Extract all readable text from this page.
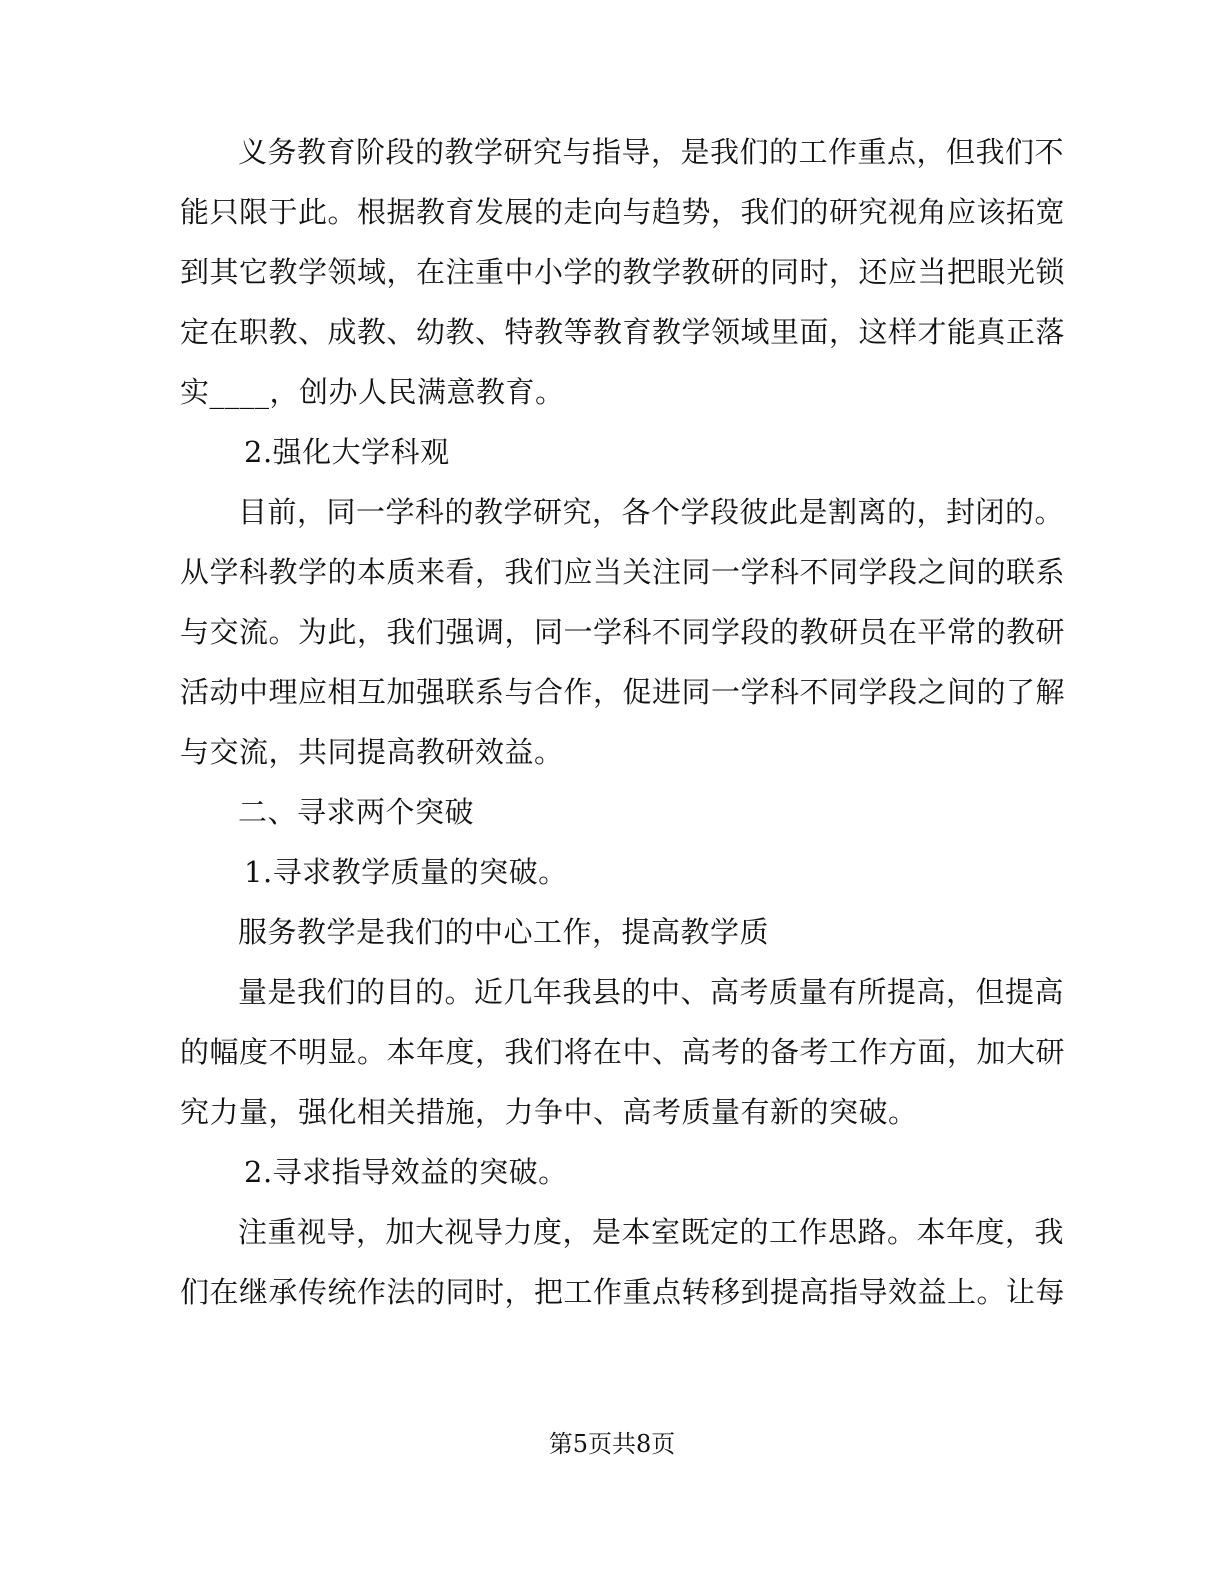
义务教育阶段的教学研究与指导，是我们的工作重点，但我们不
能只限于此。根据教育发展的走向与趋势，我们的研究视角应该拓宽
到其它教学领域，在注重中小学的教学教研的同时，还应当把眼光锁
定在职教、成教、幼教、特教等教育教学领域里面，这样才能真正落
实____，创办人民满意教育。
2.强化大学科观
目前，同一学科的教学研究，各个学段彼此是割离的，封闭的。
从学科教学的本质来看，我们应当关注同一学科不同学段之间的联系
与交流。为此，我们强调，同一学科不同学段的教研员在平常的教研
活动中理应相互加强联系与合作，促进同一学科不同学段之间的了解
与交流，共同提高教研效益。
二、寻求两个突破
1.寻求教学质量的突破。
服务教学是我们的中心工作，提高教学质
量是我们的目的。近几年我县的中、高考质量有所提高，但提高
的幅度不明显。本年度，我们将在中、高考的备考工作方面，加大研
究力量，强化相关措施，力争中、高考质量有新的突破。
2.寻求指导效益的突破。
注重视导，加大视导力度，是本室既定的工作思路。本年度，我
们在继承传统作法的同时，把工作重点转移到提高指导效益上。让每
第5页共8页
